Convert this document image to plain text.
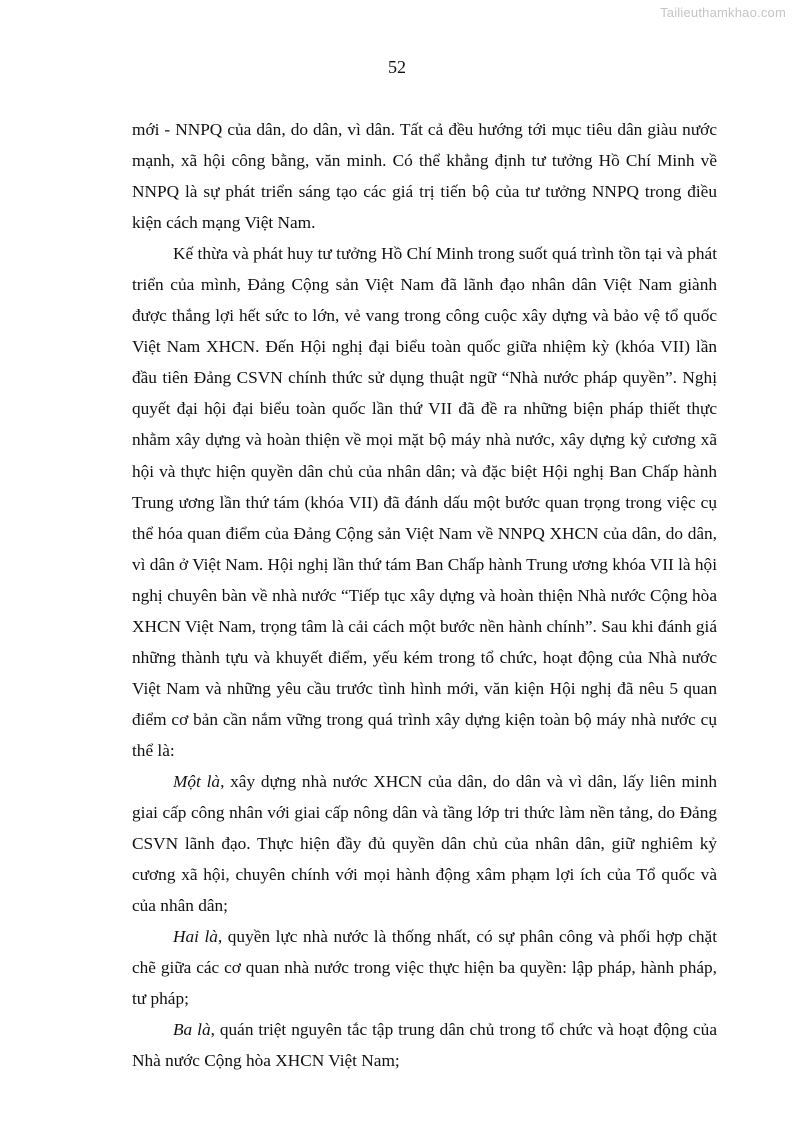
Tailieuthamkhao.com
52

mới - NNPQ của dân, do dân, vì dân. Tất cả đều hướng tới mục tiêu dân giàu nước mạnh, xã hội công bằng, văn minh. Có thể khẳng định tư tưởng Hồ Chí Minh về NNPQ là sự phát triển sáng tạo các giá trị tiến bộ của tư tưởng NNPQ trong điều kiện cách mạng Việt Nam.

Kế thừa và phát huy tư tưởng Hồ Chí Minh trong suốt quá trình tồn tại và phát triển của mình, Đảng Cộng sản Việt Nam đã lãnh đạo nhân dân Việt Nam giành được thắng lợi hết sức to lớn, vẻ vang trong công cuộc xây dựng và bảo vệ tổ quốc Việt Nam XHCN. Đến Hội nghị đại biểu toàn quốc giữa nhiệm kỳ (khóa VII) lần đầu tiên Đảng CSVN chính thức sử dụng thuật ngữ “Nhà nước pháp quyền”. Nghị quyết đại hội đại biểu toàn quốc lần thứ VII đã đề ra những biện pháp thiết thực nhằm xây dựng và hoàn thiện về mọi mặt bộ máy nhà nước, xây dựng kỷ cương xã hội và thực hiện quyền dân chủ của nhân dân; và đặc biệt Hội nghị Ban Chấp hành Trung ương lần thứ tám (khóa VII) đã đánh dấu một bước quan trọng trong việc cụ thể hóa quan điểm của Đảng Cộng sản Việt Nam về NNPQ XHCN của dân, do dân, vì dân ở Việt Nam. Hội nghị lần thứ tám Ban Chấp hành Trung ương khóa VII là hội nghị chuyên bàn về nhà nước “Tiếp tục xây dựng và hoàn thiện Nhà nước Cộng hòa XHCN Việt Nam, trọng tâm là cải cách một bước nền hành chính”. Sau khi đánh giá những thành tựu và khuyết điểm, yếu kém trong tổ chức, hoạt động của Nhà nước Việt Nam và những yêu cầu trước tình hình mới, văn kiện Hội nghị đã nêu 5 quan điểm cơ bản cần nắm vững trong quá trình xây dựng kiện toàn bộ máy nhà nước cụ thể là:

Một là, xây dựng nhà nước XHCN của dân, do dân và vì dân, lấy liên minh giai cấp công nhân với giai cấp nông dân và tầng lớp tri thức làm nền tảng, do Đảng CSVN lãnh đạo. Thực hiện đầy đủ quyền dân chủ của nhân dân, giữ nghiêm kỷ cương xã hội, chuyên chính với mọi hành động xâm phạm lợi ích của Tổ quốc và của nhân dân;

Hai là, quyền lực nhà nước là thống nhất, có sự phân công và phối hợp chặt chẽ giữa các cơ quan nhà nước trong việc thực hiện ba quyền: lập pháp, hành pháp, tư pháp;

Ba là, quán triệt nguyên tắc tập trung dân chủ trong tổ chức và hoạt động của Nhà nước Cộng hòa XHCN Việt Nam;
